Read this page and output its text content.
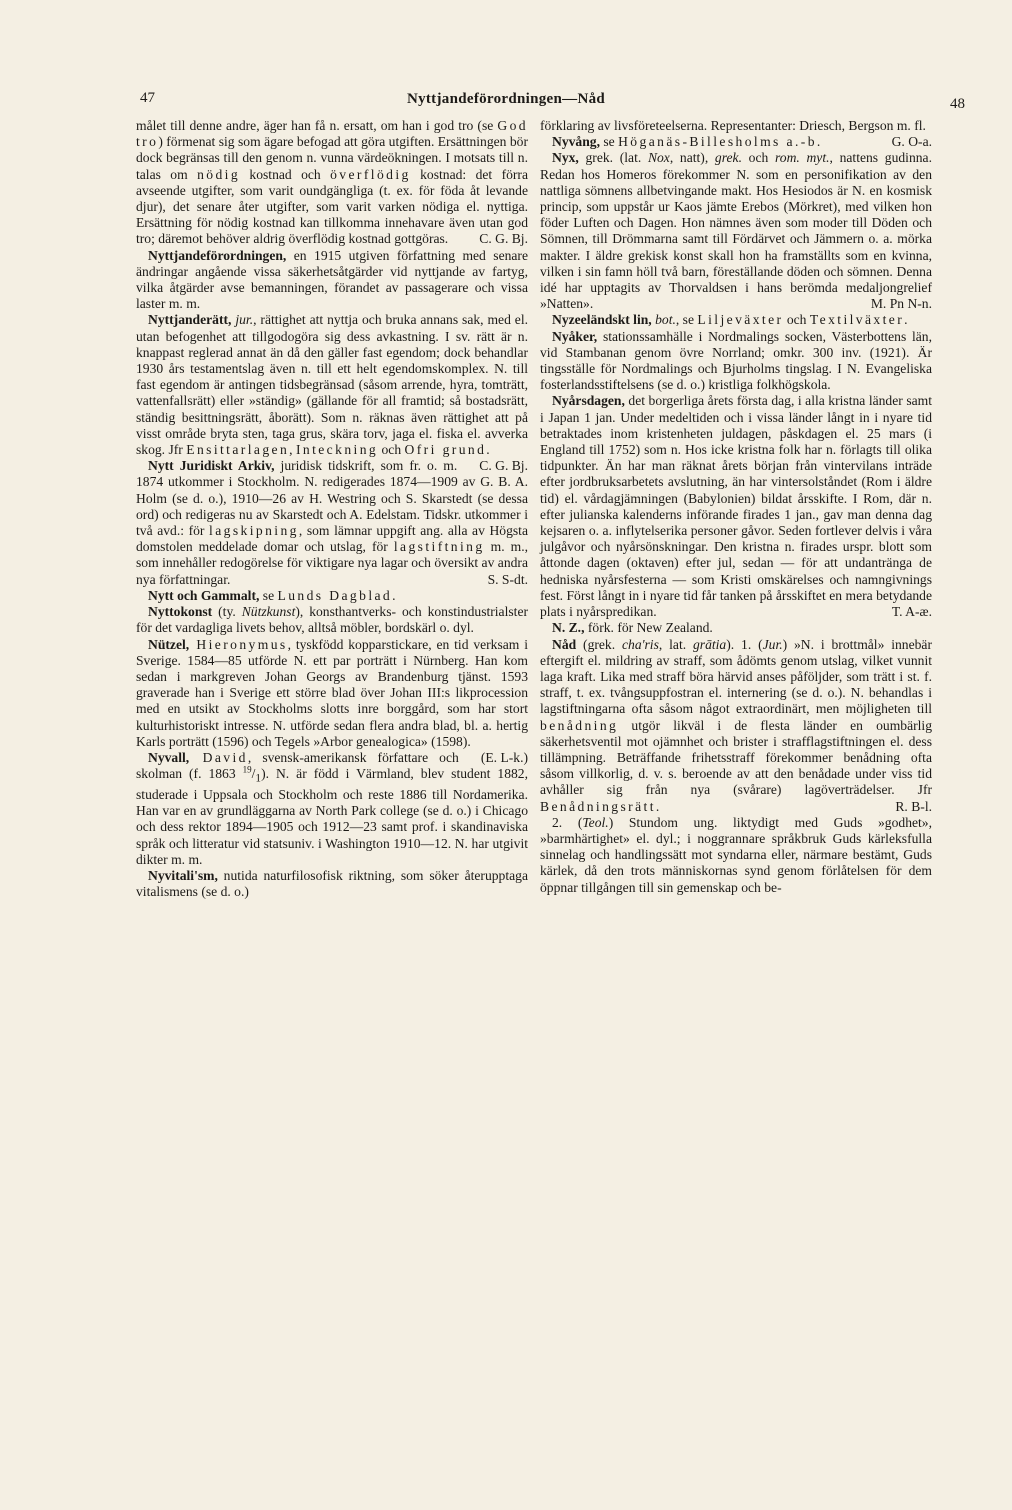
47	Nyttjandeförordningen—Nåd	48

målet till denne andre, äger han få n. ersatt, om han i god tro (se God tro) förmenat sig som ägare befogad att göra utgiften. Ersättningen bör dock begränsas till den genom n. vunna värdeökningen. I motsats till n. talas om nödig kostnad och överflödig kostnad: det förra avseende utgifter, som varit oundgängliga (t. ex. för föda åt levande djur), det senare åter utgifter, som varit varken nödiga el. nyttiga. Ersättning för nödig kostnad kan tillkomma innehavare även utan god tro; däremot behöver aldrig överflödig kostnad gottgöras. C. G. Bj.

Nyttjandeförordningen, en 1915 utgiven författning med senare ändringar angående vissa säkerhetsåtgärder vid nyttjande av fartyg, vilka åtgärder avse bemanningen, förandet av passagerare och vissa laster m. m.

Nyttjanderätt, jur., rättighet att nyttja och bruka annans sak, med el. utan befogenhet att tillgodogöra sig dess avkastning. I sv. rätt är n. knappast reglerad annat än då den gäller fast egendom; dock behandlar 1930 års testamentslag även n. till ett helt egendomskomplex. N. till fast egendom är antingen tidsbegränsad (såsom arrende, hyra, tomträtt, vattenfallsrätt) eller »ständig» (gällande för all framtid; så bostadsrätt, ständig besittningsrätt, åborätt). Som n. räknas även rättighet att på visst område bryta sten, taga grus, skära torv, jaga el. fiska el. avverka skog. Jfr Ensittarlagen, Inteckning och Ofri grund.
C. G. Bj.

Nytt Juridiskt Arkiv, juridisk tidskrift, som fr. o. m. 1874 utkommer i Stockholm. N. redigerades 1874—1909 av G. B. A. Holm (se d. o.), 1910—26 av H. Westring och S. Skarstedt (se dessa ord) och redigeras nu av Skarstedt och A. Edelstam. Tidskr. utkommer i två avd.: för lagskipning, som lämnar uppgift ang. alla av Högsta domstolen meddelade domar och utslag, för lagstiftning m. m., som innehåller redogörelse för viktigare nya lagar och översikt av andra nya författningar.	S. S-dt.

Nytt och Gammalt, se Lunds Dagblad.

Nyttokonst (ty. Nützkunst), konsthantverks- och konstindustrialster för det vardagliga livets behov, alltså möbler, bordskärl o. dyl.

Nützel, Hieronymus, tyskfödd kopparstickare, en tid verksam i Sverige. 1584—85 utförde N. ett par porträtt i Nürnberg. Han kom sedan i markgreven Johan Georgs av Brandenburg tjänst. 1593 graverade han i Sverige ett större blad över Johan III:s likprocession med en utsikt av Stockholms slotts inre borggård, som har stort kulturhistoriskt intresse. N. utförde sedan flera andra blad, bl. a. hertig Karls porträtt (1596) och Tegels »Arbor genealogica» (1598).
(E. L-k.)

Nyvall, David, svensk-amerikansk författare och skolman (f. 1863 $^{19}/_1$). N. är född i Värmland, blev student 1882, studerade i Uppsala och Stockholm och reste 1886 till Nordamerika. Han var en av grundläggarna av North Park college (se d. o.) i Chicago och dess rektor 1894—1905 och 1912—23 samt prof. i skandinaviska språk och litteratur vid statsuniv. i Washington 1910—12. N. har utgivit dikter m. m.

Nyvitali'sm, nutida naturfilosofisk riktning, som söker återupptaga vitalismens (se d. o.)

förklaring av livsföreteelserna. Representanter: Driesch, Bergson m. fl.
G. O-a.

Nyvång, se Höganäs-Billesholms a.-b.

Nyx, grek. (lat. Nox, natt), grek. och rom. myt., nattens gudinna. Redan hos Homeros förekommer N. som en personifikation av den nattliga sömnens allbetvingande makt. Hos Hesiodos är N. en kosmisk princip, som uppstår ur Kaos jämte Erebos (Mörkret), med vilken hon föder Luften och Dagen. Hon nämnes även som moder till Döden och Sömnen, till Drömmarna samt till Fördärvet och Jämmern o. a. mörka makter. I äldre grekisk konst skall hon ha framställts som en kvinna, vilken i sin famn höll två barn, föreställande döden och sömnen. Denna idé har upptagits av Thorvaldsen i hans berömda medaljongrelief »Natten».	M. Pn N-n.

Nyzeeländskt lin, bot., se Liljeväxter och Textilväxter.

Nyåker, stationssamhälle i Nordmalings socken, Västerbottens län, vid Stambanan genom övre Norrland; omkr. 300 inv. (1921). Är tingsställe för Nordmalings och Bjurholms tingslag. I N. Evangeliska fosterlandsstiftelsens (se d. o.) kristliga folkhögskola.

Nyårsdagen, det borgerliga årets första dag, i alla kristna länder samt i Japan 1 jan. Under medeltiden och i vissa länder långt in i nyare tid betraktades inom kristenheten juldagen, påskdagen el. 25 mars (i England till 1752) som n. Hos icke kristna folk har n. förlagts till olika tidpunkter. Än har man räknat årets början från vintervilans inträde efter jordbruksarbetets avslutning, än har vintersolståndet (Rom i äldre tid) el. vårdagjämningen (Babylonien) bildat årsskifte. I Rom, där n. efter julianska kalenderns införande firades 1 jan., gav man denna dag kejsaren o. a. inflytelserika personer gåvor. Seden fortlever delvis i våra julgåvor och nyårsönskningar. Den kristna n. firades urspr. blott som åttonde dagen (oktaven) efter jul, sedan — för att undantränga de hedniska nyårsfesterna — som Kristi omskärelses och namngivnings fest. Först långt in i nyare tid får tanken på årsskiftet en mera betydande plats i nyårspredikan.	T. A-æ.

N. Z., förk. för New Zealand.

Nåd (grek. cha'ris, lat. grātia). 1. (Jur.) »N. i brottmål» innebär eftergift el. mildring av straff, som ådömts genom utslag, vilket vunnit laga kraft. Lika med straff böra härvid anses påföljder, som trätt i st. f. straff, t. ex. tvångsuppfostran el. internering (se d. o.). N. behandlas i lagstiftningarna ofta såsom något extraordinärt, men möjligheten till benådning utgör likväl i de flesta länder en oumbärlig säkerhetsventil mot ojämnhet och brister i strafflagstiftningen el. dess tillämpning. Beträffande frihetsstraff förekommer benådning ofta såsom villkorlig, d. v. s. beroende av att den benådade under viss tid avhåller sig från nya (svårare) lagöverträdelser. Jfr Benådningsrätt.	R. B-l.

2. (Teol.) Stundom ung. liktydigt med Guds »godhet», »barmhärtighet» el. dyl.; i noggrannare språkbruk Guds kärleksfulla sinnelag och handlingssätt mot syndarna eller, närmare bestämt, Guds kärlek, då den trots människornas synd genom förlåtelsen för dem öppnar tillgången till sin gemenskap och be-
